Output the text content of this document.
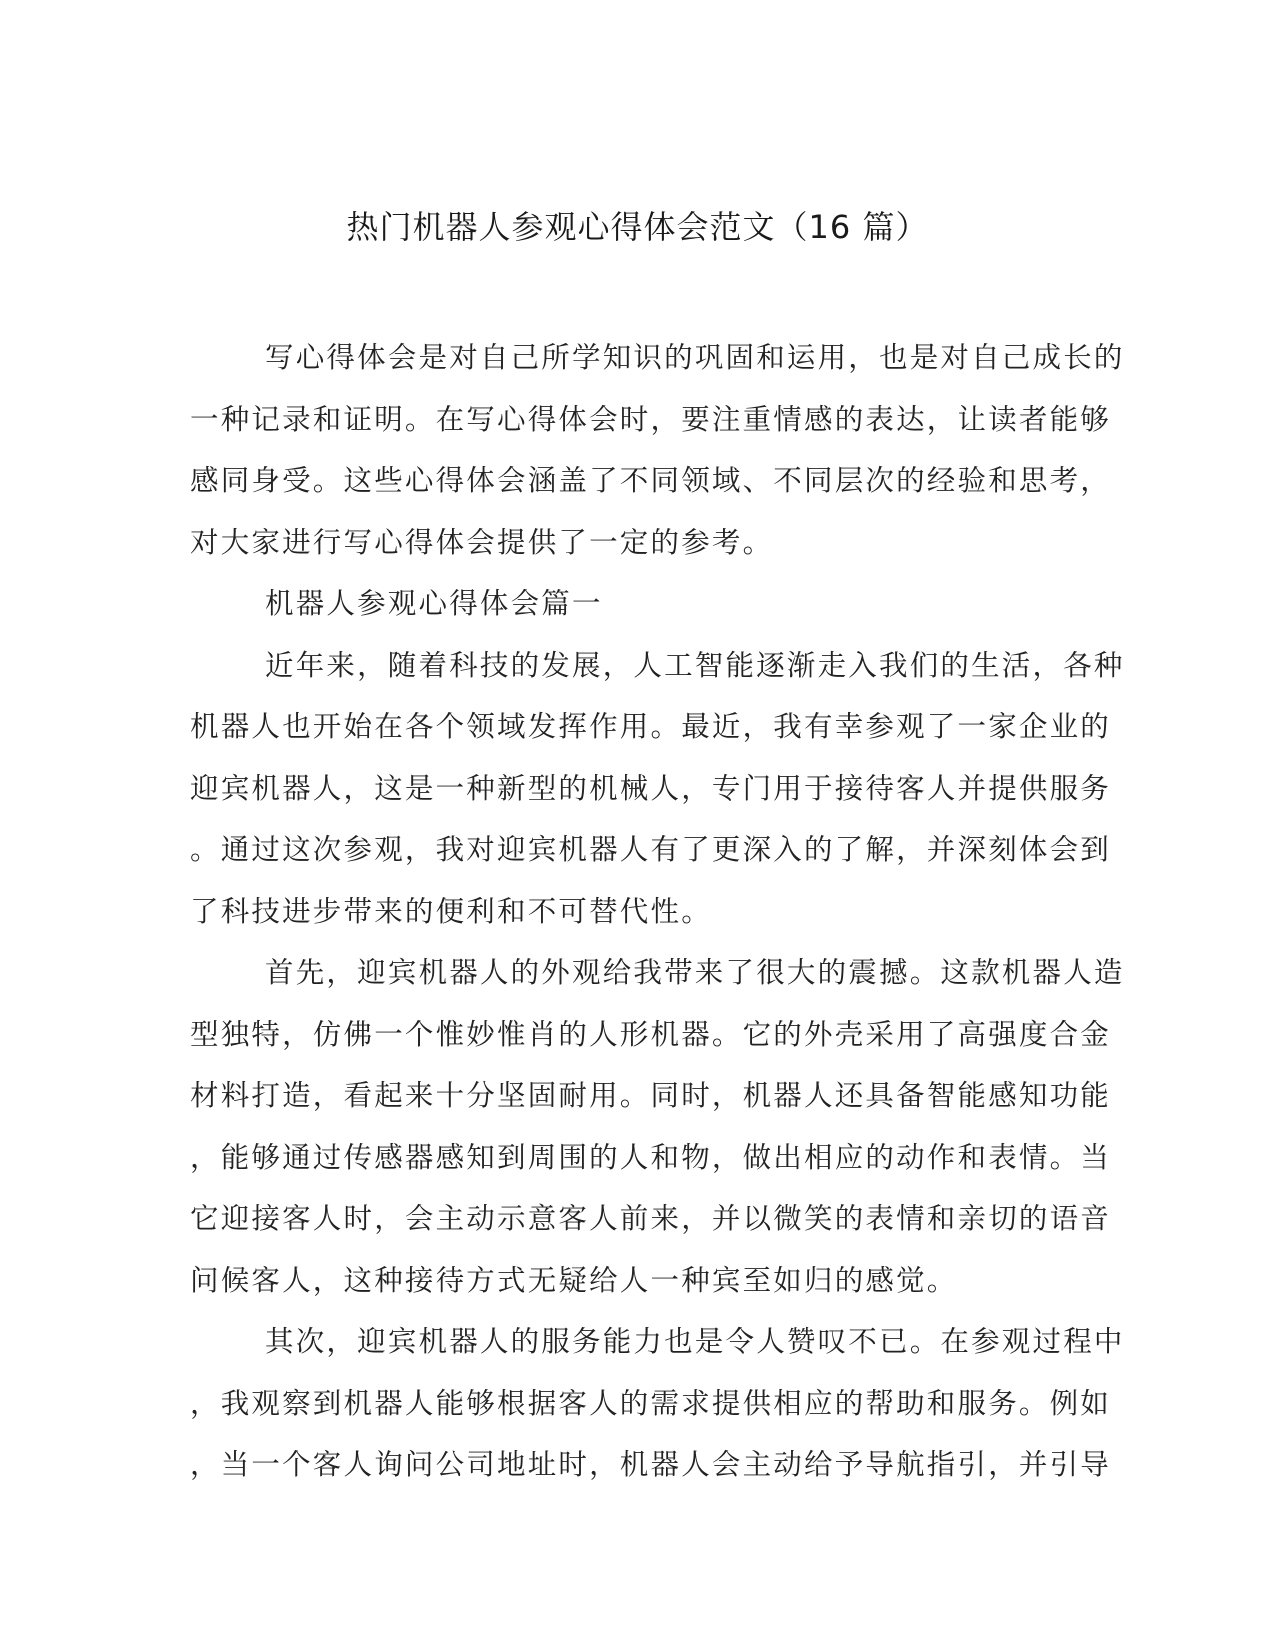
热门机器人参观心得体会范文（16 篇）
写心得体会是对自己所学知识的巩固和运用，也是对自己成长的
一种记录和证明。在写心得体会时，要注重情感的表达，让读者能够
感同身受。这些心得体会涵盖了不同领域、不同层次的经验和思考，
对大家进行写心得体会提供了一定的参考。
机器人参观心得体会篇一
近年来，随着科技的发展，人工智能逐渐走入我们的生活，各种
机器人也开始在各个领域发挥作用。最近，我有幸参观了一家企业的
迎宾机器人，这是一种新型的机械人，专门用于接待客人并提供服务
。通过这次参观，我对迎宾机器人有了更深入的了解，并深刻体会到
了科技进步带来的便利和不可替代性。
首先，迎宾机器人的外观给我带来了很大的震撼。这款机器人造
型独特，仿佛一个惟妙惟肖的人形机器。它的外壳采用了高强度合金
材料打造，看起来十分坚固耐用。同时，机器人还具备智能感知功能
，能够通过传感器感知到周围的人和物，做出相应的动作和表情。当
它迎接客人时，会主动示意客人前来，并以微笑的表情和亲切的语音
问候客人，这种接待方式无疑给人一种宾至如归的感觉。
其次，迎宾机器人的服务能力也是令人赞叹不已。在参观过程中
，我观察到机器人能够根据客人的需求提供相应的帮助和服务。例如
，当一个客人询问公司地址时，机器人会主动给予导航指引，并引导
